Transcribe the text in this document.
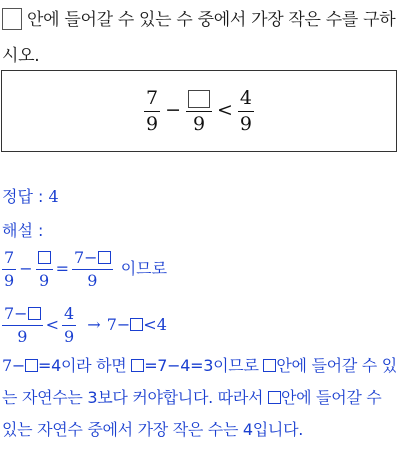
안에 들어갈 수 있는 수 중에서 가장 작은 수를 구하시오.
$\frac{7}{9}$ −
9
< $\frac{4}{9}$
정답 : 4
해설 :
$\frac{7}{9}$ −
9
= $\frac{7-}{9}$ 이므로
$\frac{7-}{9} < \frac{4}{9} \to 7- <4$
7− =4이라 하면 =7−4=3이므로 안에 들어갈 수 있는 자연수는 3보다 커야합니다. 따라서 안에 들어갈 수 있는 자연수 중에서 가장 작은 수는 4입니다.
